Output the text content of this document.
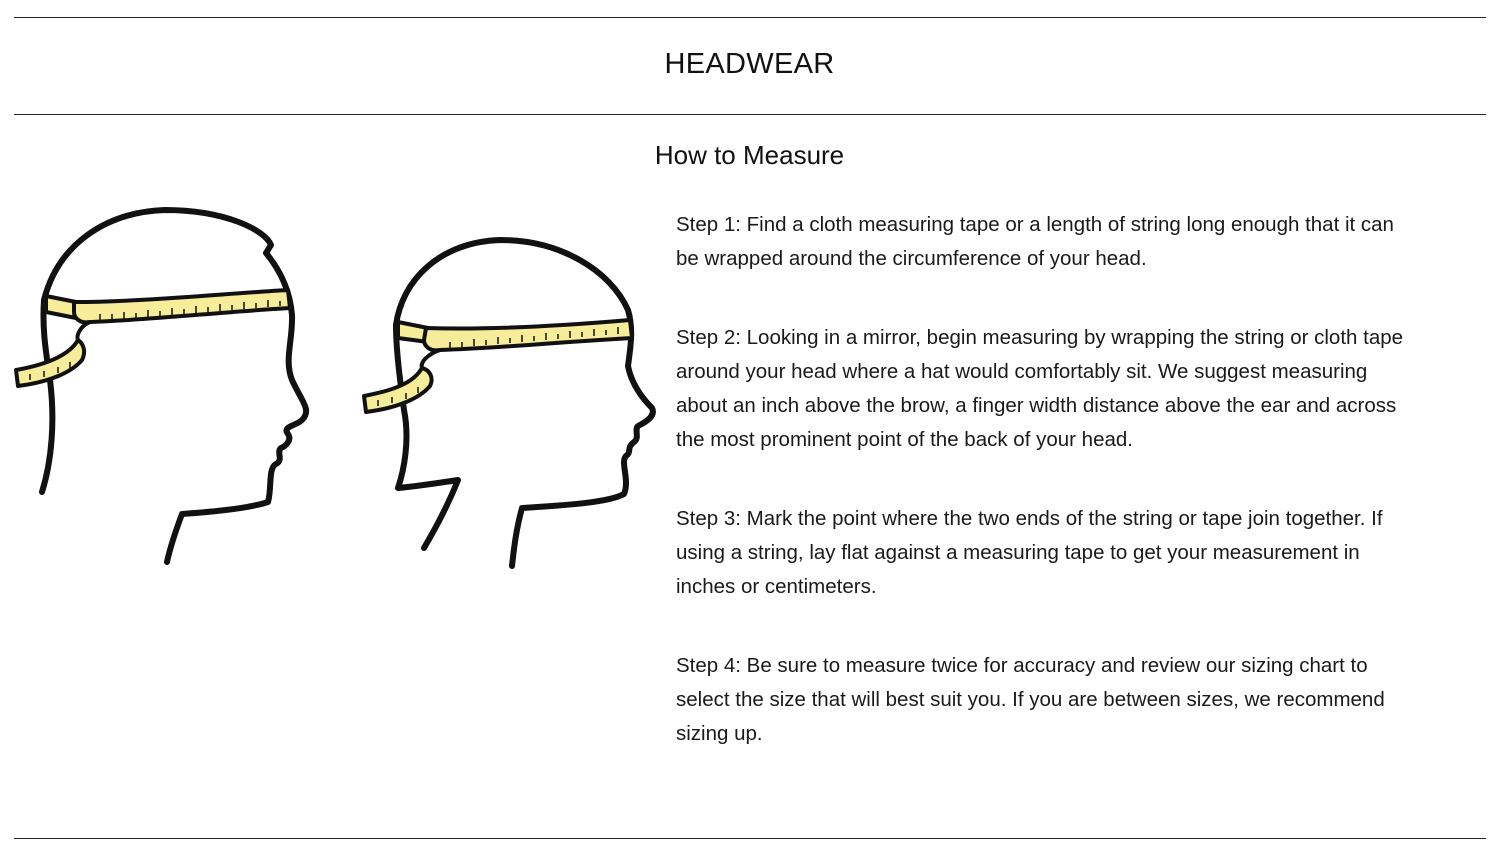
HEADWEAR
How to Measure

Step 1: Find a cloth measuring tape or a length of string long enough that it can be wrapped around the circumference of your head.

Step 2: Looking in a mirror, begin measuring by wrapping the string or cloth tape around your head where a hat would comfortably sit. We suggest measuring about an inch above the brow, a finger width distance above the ear and across the most prominent point of the back of your head.

Step 3: Mark the point where the two ends of the string or tape join together. If using a string, lay flat against a measuring tape to get your measurement in inches or centimeters.

Step 4: Be sure to measure twice for accuracy and review our sizing chart to select the size that will best suit you. If you are between sizes, we recommend sizing up.
